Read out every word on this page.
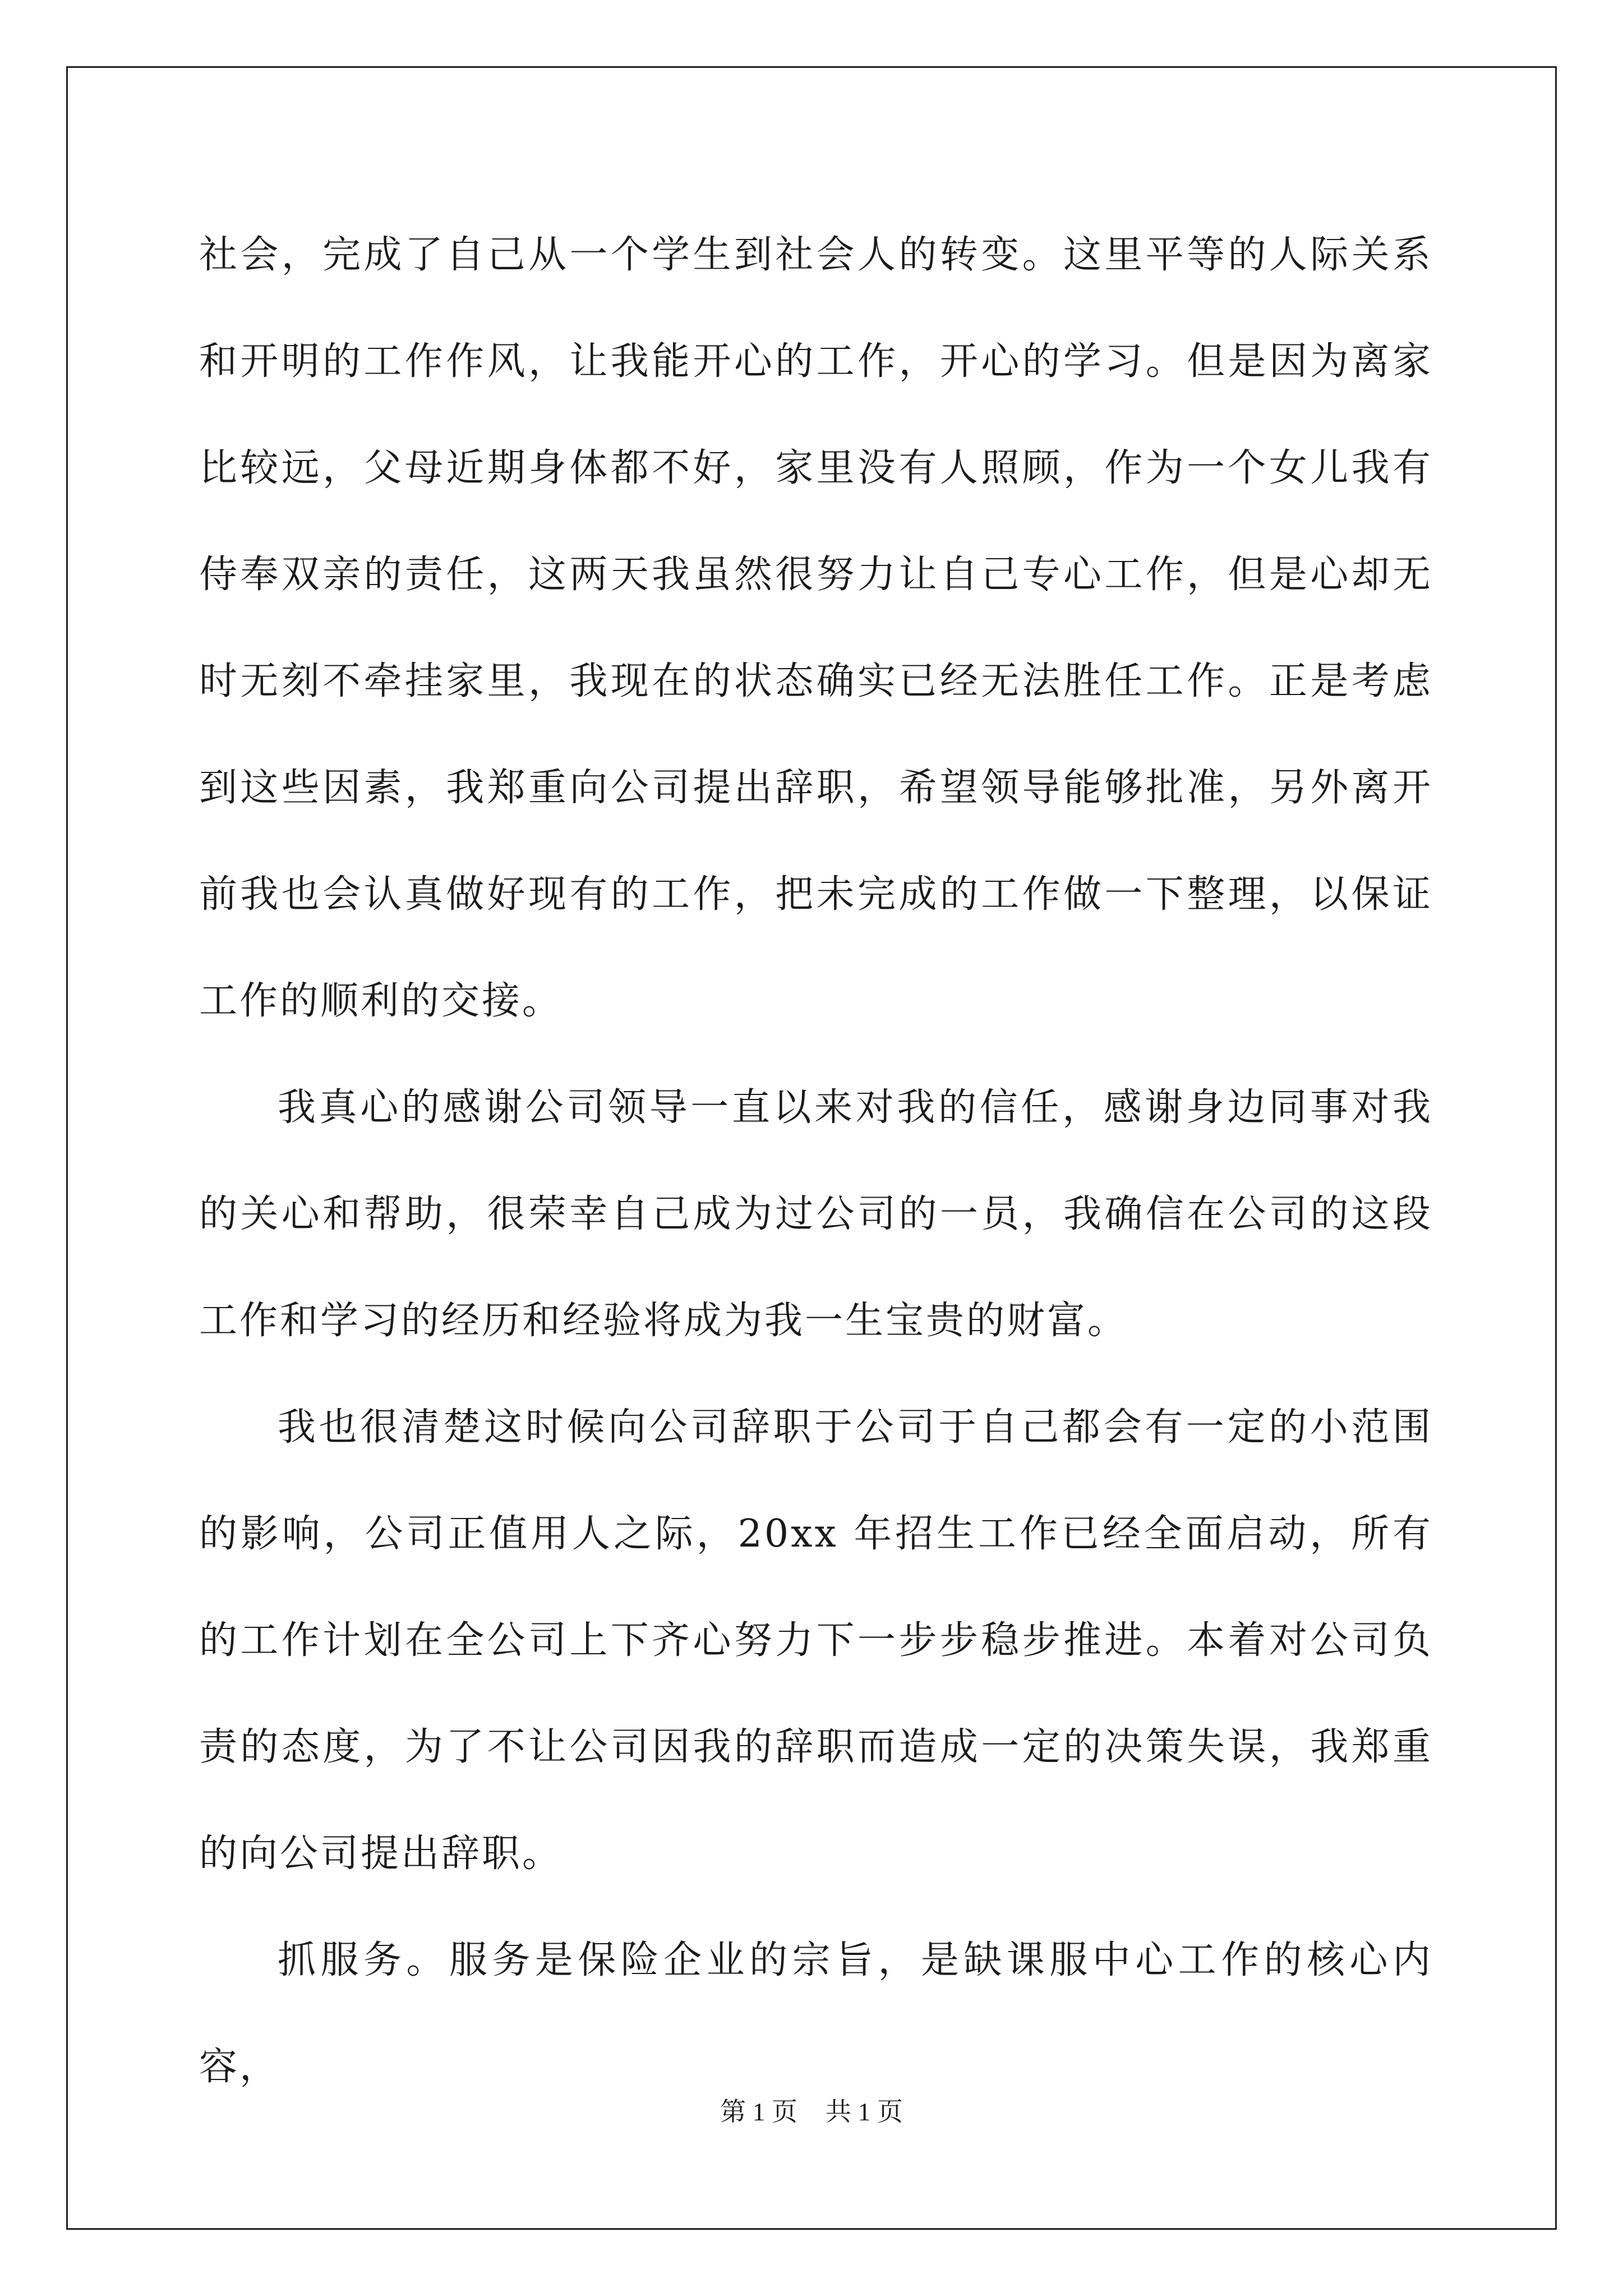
社会，完成了自己从一个学生到社会人的转变。这里平等的人际关系和开明的工作作风，让我能开心的工作，开心的学习。但是因为离家比较远，父母近期身体都不好，家里没有人照顾，作为一个女儿我有侍奉双亲的责任，这两天我虽然很努力让自己专心工作，但是心却无时无刻不牵挂家里，我现在的状态确实已经无法胜任工作。正是考虑到这些因素，我郑重向公司提出辞职，希望领导能够批准，另外离开前我也会认真做好现有的工作，把未完成的工作做一下整理，以保证工作的顺利的交接。

我真心的感谢公司领导一直以来对我的信任，感谢身边同事对我的关心和帮助，很荣幸自己成为过公司的一员，我确信在公司的这段工作和学习的经历和经验将成为我一生宝贵的财富。

我也很清楚这时候向公司辞职于公司于自己都会有一定的小范围的影响，公司正值用人之际，20xx 年招生工作已经全面启动，所有的工作计划在全公司上下齐心努力下一步步稳步推进。本着对公司负责的态度，为了不让公司因我的辞职而造成一定的决策失误，我郑重的向公司提出辞职。

抓服务。服务是保险企业的宗旨，是缺课服中心工作的核心内容，

第 1 页 共 1 页
